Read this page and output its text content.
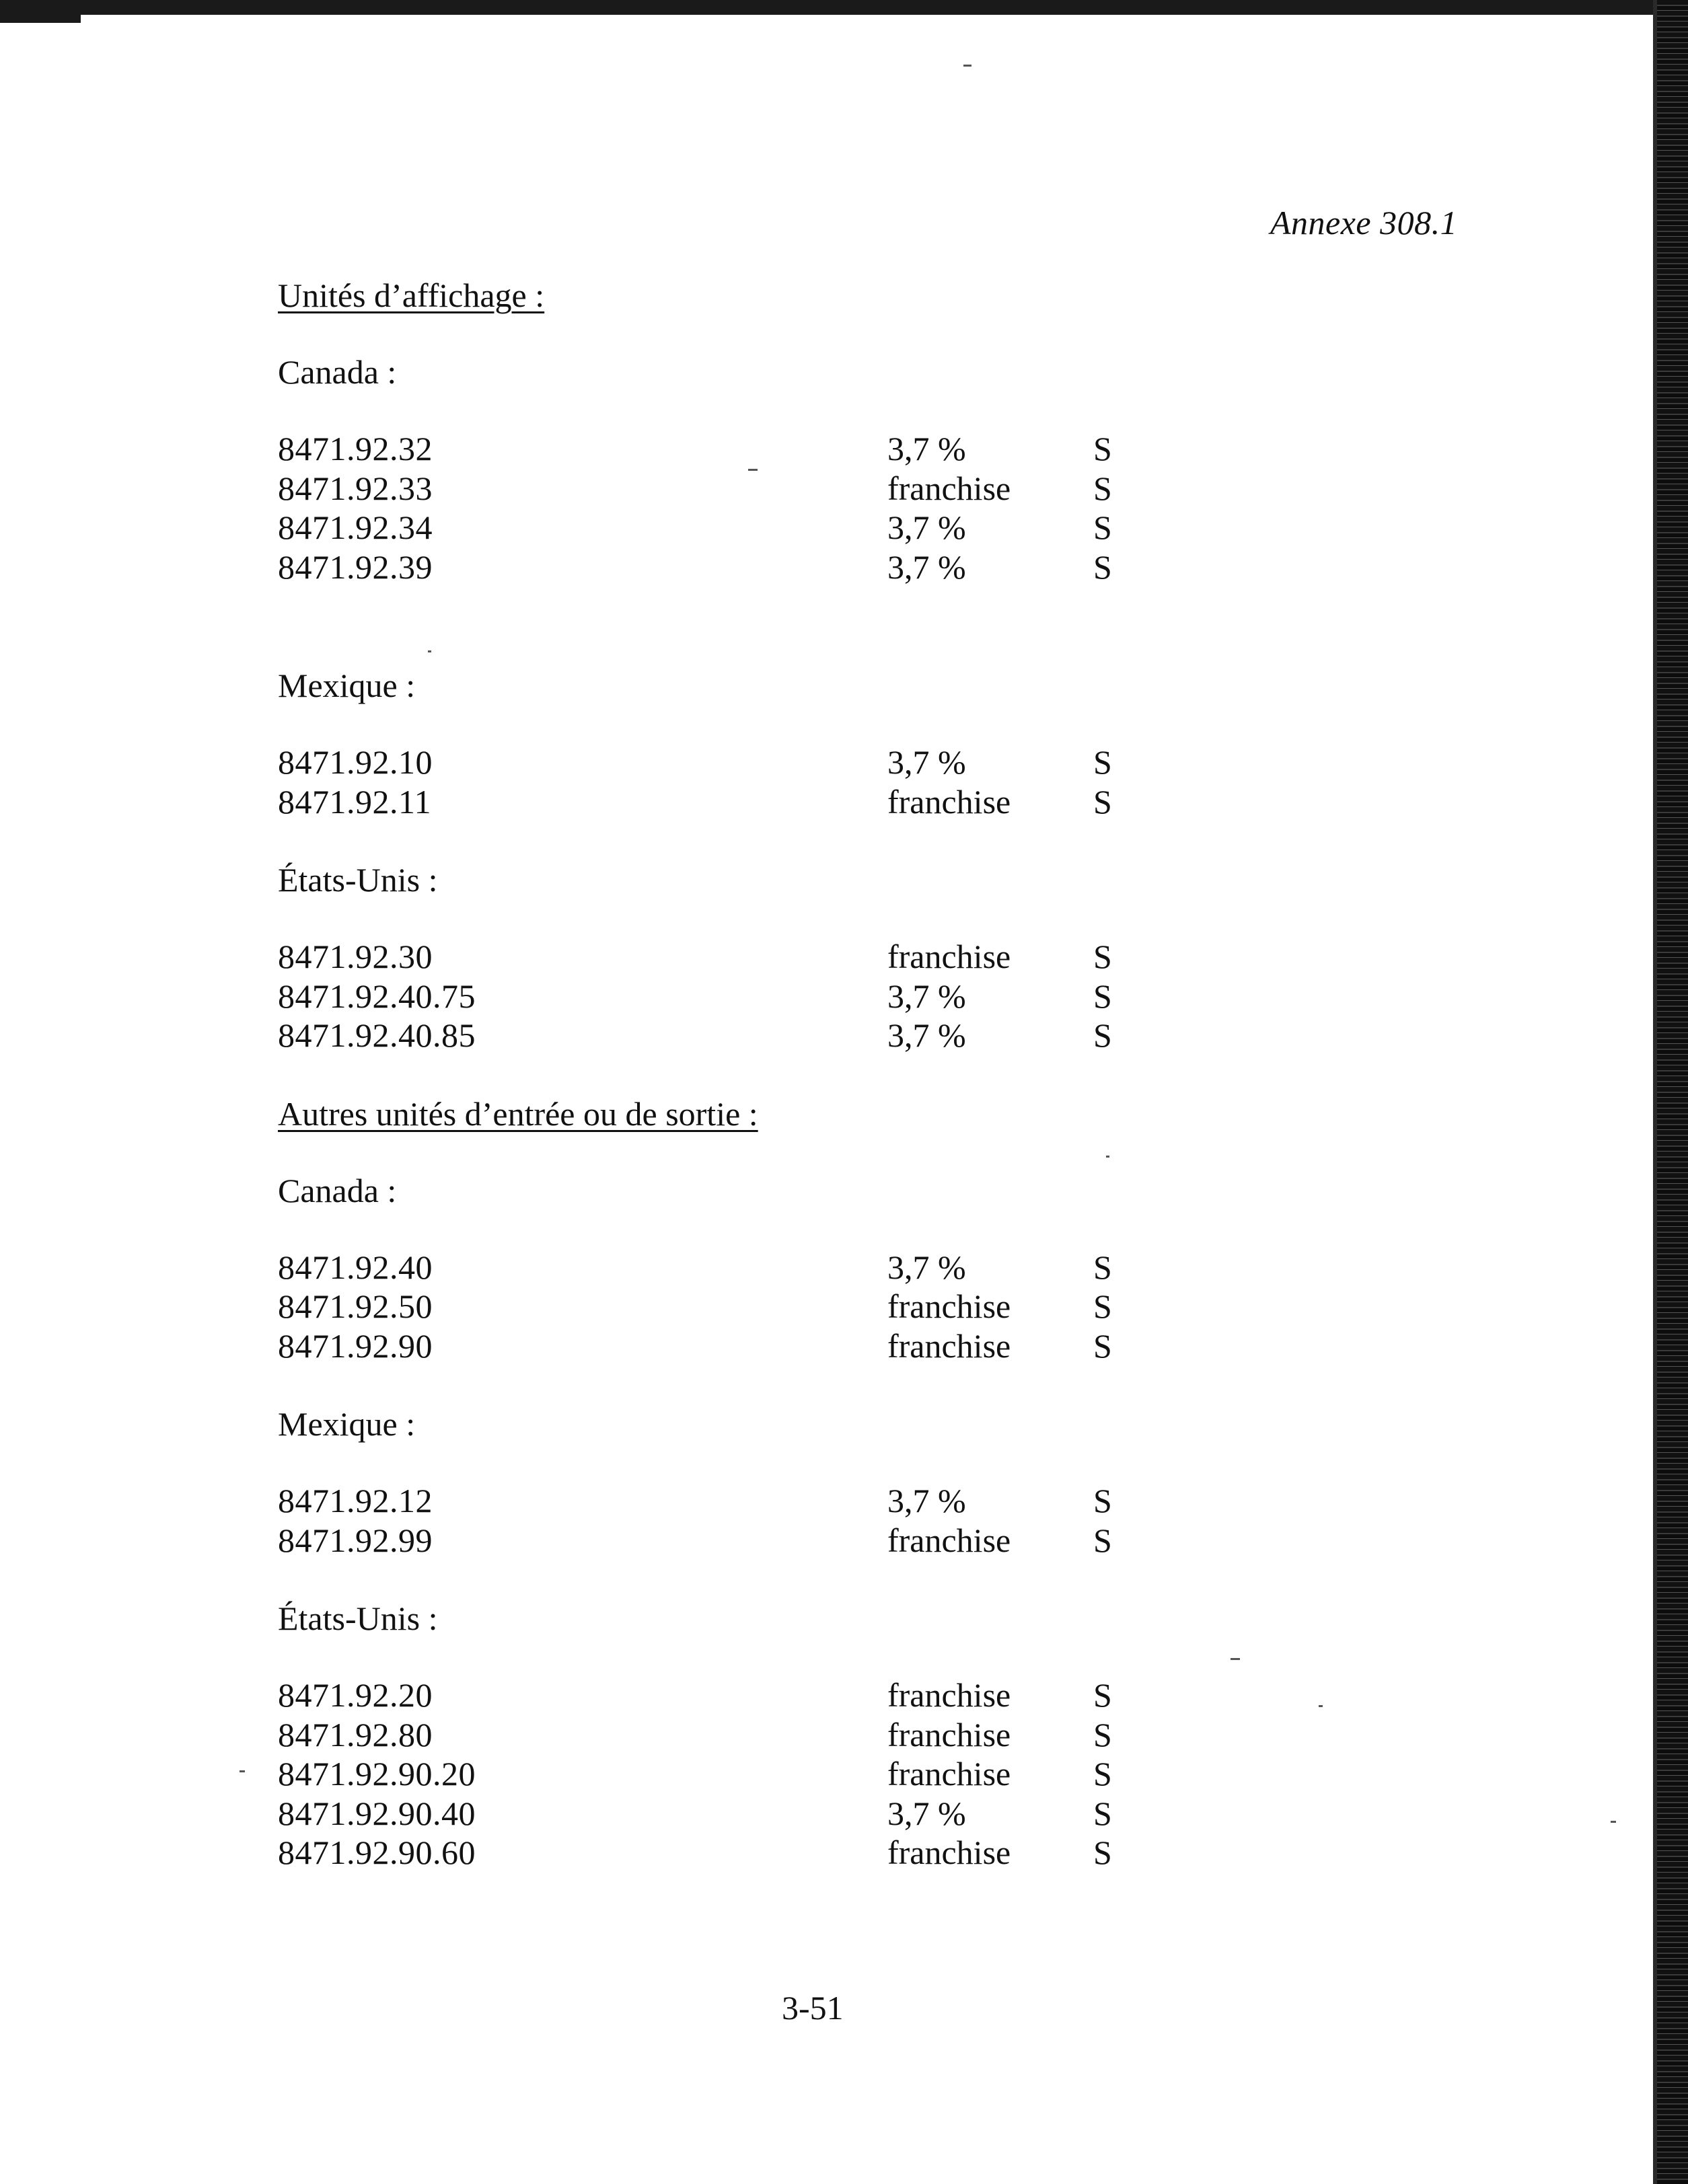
Annexe 308.1
Unités d’affichage :
Canada :
8471.92.32	3,7 %	S
8471.92.33	franchise S
8471.92.34	3,7 %	S
8471.92.39	3,7 %	S
Mexique :
8471.92.10	3,7 %	S
8471.92.11	franchise S
États-Unis :
8471.92.30	franchise S
8471.92.40.75	3,7 %	S
8471.92.40.85	3,7 %	S
Autres unités d’entrée ou de sortie :
Canada :
8471.92.40	3,7 %	S
8471.92.50	franchise S
8471.92.90	franchise S
Mexique :
8471.92.12	3,7 %	S
8471.92.99	franchise S
États-Unis :
8471.92.20	franchise S
8471.92.80	franchise S
8471.92.90.20	franchise S
8471.92.90.40	3,7 %	S
8471.92.90.60	franchise S
3-51
